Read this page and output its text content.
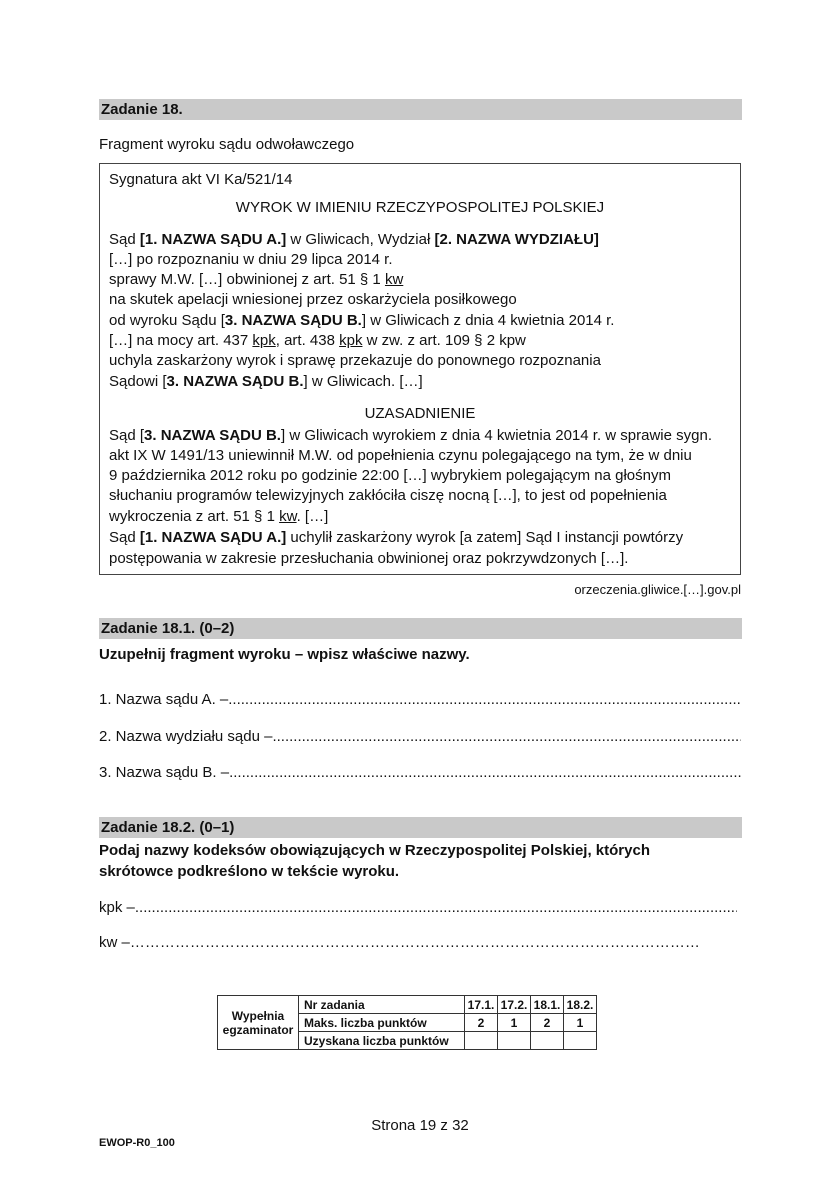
Zadanie 18.
Fragment wyroku sądu odwoławczego
Sygnatura akt VI Ka/521/14
WYROK W IMIENIU RZECZYPOSPOLITEJ POLSKIEJ
Sąd [1. NAZWA SĄDU A.] w Gliwicach, Wydział [2. NAZWA WYDZIAŁU]
[…] po rozpoznaniu w dniu 29 lipca 2014 r.
sprawy M.W. […] obwinionej z art. 51 § 1 kw
na skutek apelacji wniesionej przez oskarżyciela posiłkowego
od wyroku Sądu [3. NAZWA SĄDU B.] w Gliwicach z dnia 4 kwietnia 2014 r.
[…] na mocy art. 437 kpk, art. 438 kpk w zw. z art. 109 § 2 kpw
uchyla zaskarżony wyrok i sprawę przekazuje do ponownego rozpoznania
Sądowi [3. NAZWA SĄDU B.] w Gliwicach. […]
UZASADNIENIE
Sąd [3. NAZWA SĄDU B.] w Gliwicach wyrokiem z dnia 4 kwietnia 2014 r. w sprawie sygn.
akt IX W 1491/13 uniewinnił M.W. od popełnienia czynu polegającego na tym, że w dniu
9 października 2012 roku po godzinie 22:00 […] wybrykiem polegającym na głośnym
słuchaniu programów telewizyjnych zakłóciła ciszę nocną […], to jest od popełnienia
wykroczenia z art. 51 § 1 kw. […]
Sąd [1. NAZWA SĄDU A.] uchylił zaskarżony wyrok [a zatem] Sąd I instancji powtórzy
postępowania w zakresie przesłuchania obwinionej oraz pokrzywdzonych […].
orzeczenia.gliwice.[…].gov.pl
Zadanie 18.1. (0–2)
Uzupełnij fragment wyroku – wpisz właściwe nazwy.
1. Nazwa sądu A. –
.....
2. Nazwa wydziału sądu –
.....
3. Nazwa sądu B. –
.....
Zadanie 18.2. (0–1)
Podaj nazwy kodeksów obowiązujących w Rzeczypospolitej Polskiej, których
skrótowce podkreślono w tekście wyroku.
kpk –
.....
kw – ……………………………………………………………………………………………………
Wypełnia egzaminator	Nr zadania	17.1.	17.2.	18.1.	18.2.
	Maks. liczba punktów	2	1	2	1
	Uzyskana liczba punktów				
Strona 19 z 32
EWOP-R0_100
